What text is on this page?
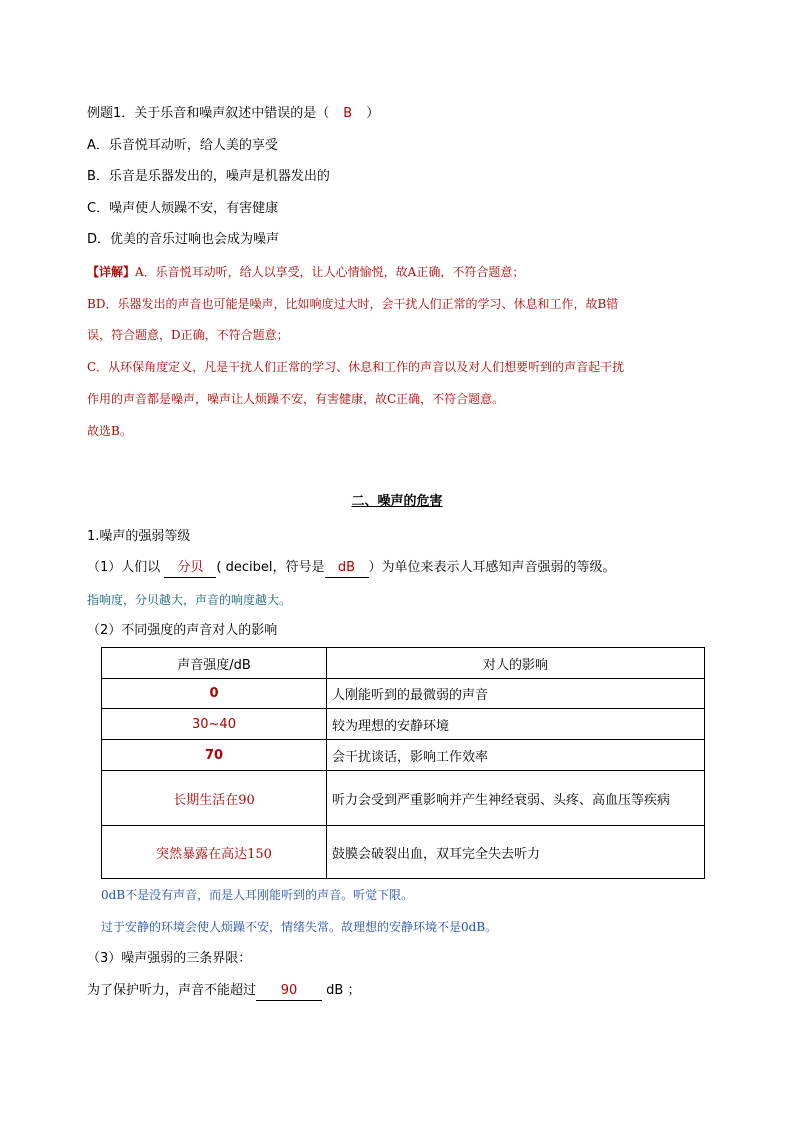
例题1．关于乐音和噪声叙述中错误的是（ B ）
A．乐音悦耳动听，给人美的享受
B．乐音是乐器发出的，噪声是机器发出的
C．噪声使人烦躁不安，有害健康
D．优美的音乐过响也会成为噪声
【详解】A．乐音悦耳动听，给人以享受，让人心情愉悦，故A正确，不符合题意；
BD．乐器发出的声音也可能是噪声，比如响度过大时，会干扰人们正常的学习、休息和工作，故B错
误，符合题意，D正确，不符合题意；
C．从环保角度定义，凡是干扰人们正常的学习、休息和工作的声音以及对人们想要听到的声音起干扰
作用的声音都是噪声，噪声让人烦躁不安，有害健康，故C正确，不符合题意。
故选B。
二、噪声的危害
1.噪声的强弱等级
（1）人们以 分贝 ( decibel，符号是 dB ）为单位来表示人耳感知声音强弱的等级。
指响度，分贝越大，声音的响度越大。
（2）不同强度的声音对人的影响
声音强度/dB	对人的影响
0	人刚能听到的最微弱的声音
30~40	较为理想的安静环境
70	会干扰谈话，影响工作效率
长期生活在90	听力会受到严重影响并产生神经衰弱、头疼、高血压等疾病
突然暴露在高达150	鼓膜会破裂出血，双耳完全失去听力
0dB不是没有声音，而是人耳刚能听到的声音。听觉下限。
过于安静的环境会使人烦躁不安，情绪失常。故理想的安静环境不是0dB。
（3）噪声强弱的三条界限：
为了保护听力，声音不能超过 90 dB ；
